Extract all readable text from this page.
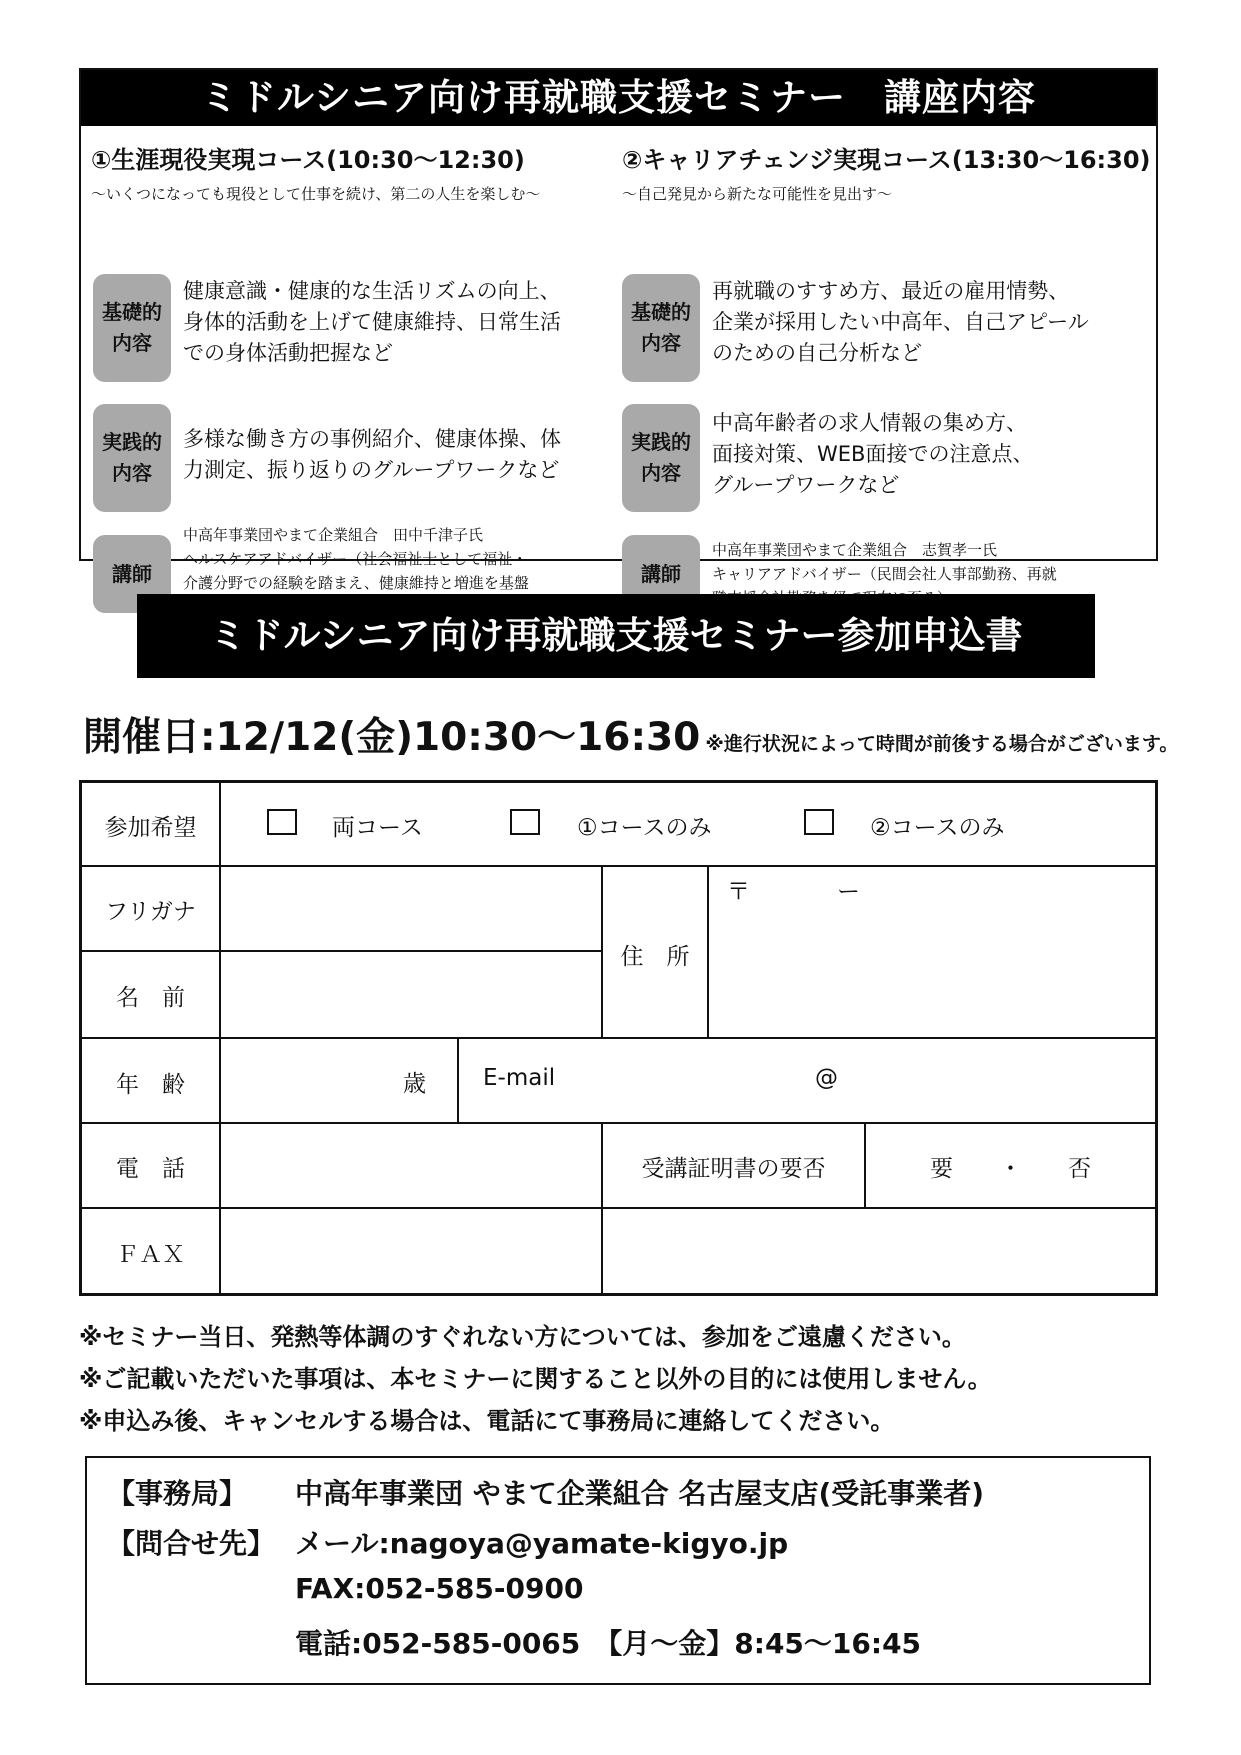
ミドルシニア向け再就職支援セミナー　講座内容
①生涯現役実現コース(10:30～12:30)
～いくつになっても現役として仕事を続け、第二の人生を楽しむ～
基礎的
内容
健康意識・健康的な生活リズムの向上、
身体的活動を上げて健康維持、日常生活
での身体活動把握など
実践的
内容
多様な働き方の事例紹介、健康体操、体
力測定、振り返りのグループワークなど
講師
中高年事業団やまて企業組合　田中千津子氏
ヘルスケアアドバイザー（社会福祉士として福祉・
介護分野での経験を踏まえ、健康維持と増進を基盤
②キャリアチェンジ実現コース(13:30～16:30)
～自己発見から新たな可能性を見出す～
基礎的
内容
再就職のすすめ方、最近の雇用情勢、
企業が採用したい中高年、自己アピール
のための自己分析など
実践的
内容
中高年齢者の求人情報の集め方、
面接対策、WEB面接での注意点、
グループワークなど
講師
中高年事業団やまて企業組合　志賀孝一氏
キャリアアドバイザー（民間会社人事部勤務、再就
ミドルシニア向け再就職支援セミナー参加申込書
開催日:12/12(金)10:30～16:30 ※進行状況によって時間が前後する場合がございます。
参加希望	両コース	①コースのみ	②コースのみ
フリガナ
住　所
〒	ー
名　前
年　齢	歳 E-mail	@
電　話	受講証明書の要否	要　　・　　否
ＦＡＸ
※セミナー当日、発熱等体調のすぐれない方については、参加をご遠慮ください。
※ご記載いただいた事項は、本セミナーに関すること以外の目的には使用しません。
※申込み後、キャンセルする場合は、電話にて事務局に連絡してください。
【事務局】 中高年事業団 やまて企業組合 名古屋支店(受託事業者)
【問合せ先】 メール:nagoya@yamate-kigyo.jp
FAX:052-585-0900
電話:052-585-0065　【月～金】8:45～16:45
